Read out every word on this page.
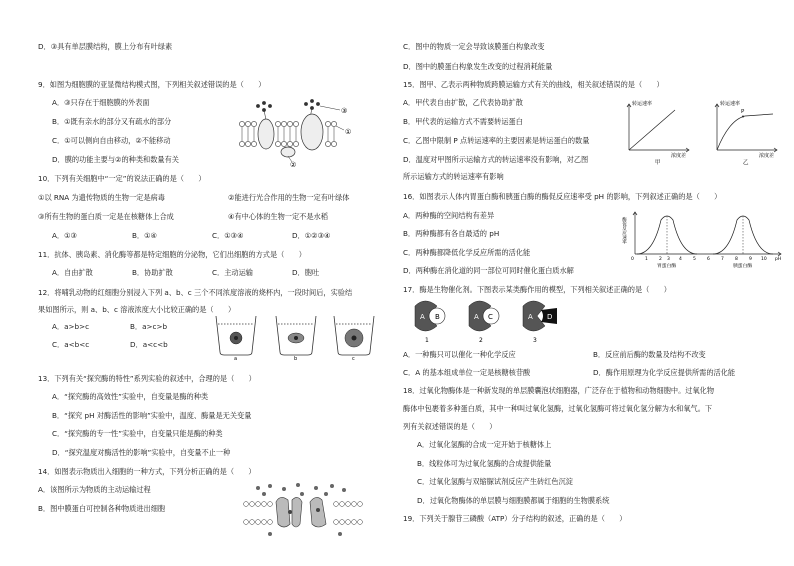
D．③具有单层膜结构，膜上分布有叶绿素
9．如图为细胞膜的亚显微结构模式图，下列相关叙述错误的是（　　）
A．③只存在于细胞膜的外表面
B．①既有亲水的部分又有疏水的部分
C．①可以侧向自由移动，②不能移动
D．膜的功能主要与②的种类和数量有关
③
①
②
10．下列有关细胞中“一定”的说法正确的是（　　）
①以 RNA 为遗传物质的生物一定是病毒	②能进行光合作用的生物一定有叶绿体
③所有生物的蛋白质一定是在核糖体上合成	④有中心体的生物一定不是水稻
A．①③	B．①④	C．①③④	D．①②③④
11．抗体、胰岛素、消化酶等都是特定细胞的分泌物，它们出细胞的方式是（　　）
A．自由扩散	B．协助扩散	C．主动运输	D．胞吐
12．将哺乳动物的红细胞分别浸入下列 a、b、c 三个不同浓度溶液的烧杯内，一段时间后，实验结
果如图所示，则 a、b、c 溶液浓度大小比较正确的是（　　）
A．a>b>c	B．a>c>b
C．a<b<c	D．a<c<b
a	b	c
13．下列有关“探究酶的特性”系列实验的叙述中，合理的是（　　）
A．“探究酶的高效性”实验中，自变量是酶的种类
B．“探究 pH 对酶活性的影响”实验中，温度、酶量是无关变量
C．“探究酶的专一性”实验中，自变量只能是酶的种类
D．“探究温度对酶活性的影响”实验中，自变量不止一种
14．如图表示物质出入细胞的一种方式，下列分析正确的是（　　）
A．该图所示为物质的主动运输过程
B．图中膜蛋白可控制各种物质进出细胞
C．图中的物质一定会导致该膜蛋白构象改变
D．图中的膜蛋白构象发生改变的过程消耗能量
15．图甲、乙表示两种物质跨膜运输方式有关的曲线，相关叙述错误的是（　　）
A．甲代表自由扩散，乙代表协助扩散
B．甲代表的运输方式不需要转运蛋白
C．乙图中限制 P 点转运速率的主要因素是转运蛋白的数量
D．温度对甲图所示运输方式的转运速率没有影响，对乙图
所示运输方式的转运速率有影响
转运速率
浓度差
甲
转运速率
P
浓度差
乙
16．如图表示人体内胃蛋白酶和胰蛋白酶的酶促反应速率受 pH 的影响，下列叙述正确的是（　　）
A．两种酶的空间结构有差异
B．两种酶都有各自最适的 pH
C．两种酶都降低化学反应所需的活化能
D．两种酶在消化道的同一部位可同时催化蛋白质水解
酶促反应速率
0 1 2 3 4 5 6 7 8 9 10 pH
胃蛋白酶	胰蛋白酶
17．酶是生物催化剂。下图表示某类酶作用的模型，下列相关叙述正确的是（　　）
A B	A C	A D
1	2	3
A．一种酶只可以催化一种化学反应	B．反应前后酶的数量及结构不改变
C．A 的基本组成单位一定是核糖核苷酸	D．酶作用原理为化学反应提供所需的活化能
18．过氧化物酶体是一种新发现的单层膜囊泡状细胞器，广泛存在于植物和动物细胞中。过氧化物
酶体中包裹着多种蛋白质，其中一种叫过氧化氢酶，过氧化氢酶可将过氧化氢分解为水和氧气。下
列有关叙述错误的是（　　）
A．过氧化氢酶的合成一定开始于核糖体上
B．线粒体可为过氧化氢酶的合成提供能量
C．过氧化氢酶与双缩脲试剂反应产生砖红色沉淀
D．过氧化物酶体的单层膜与细胞膜都属于细胞的生物膜系统
19．下列关于腺苷三磷酸（ATP）分子结构的叙述，正确的是（　　）
